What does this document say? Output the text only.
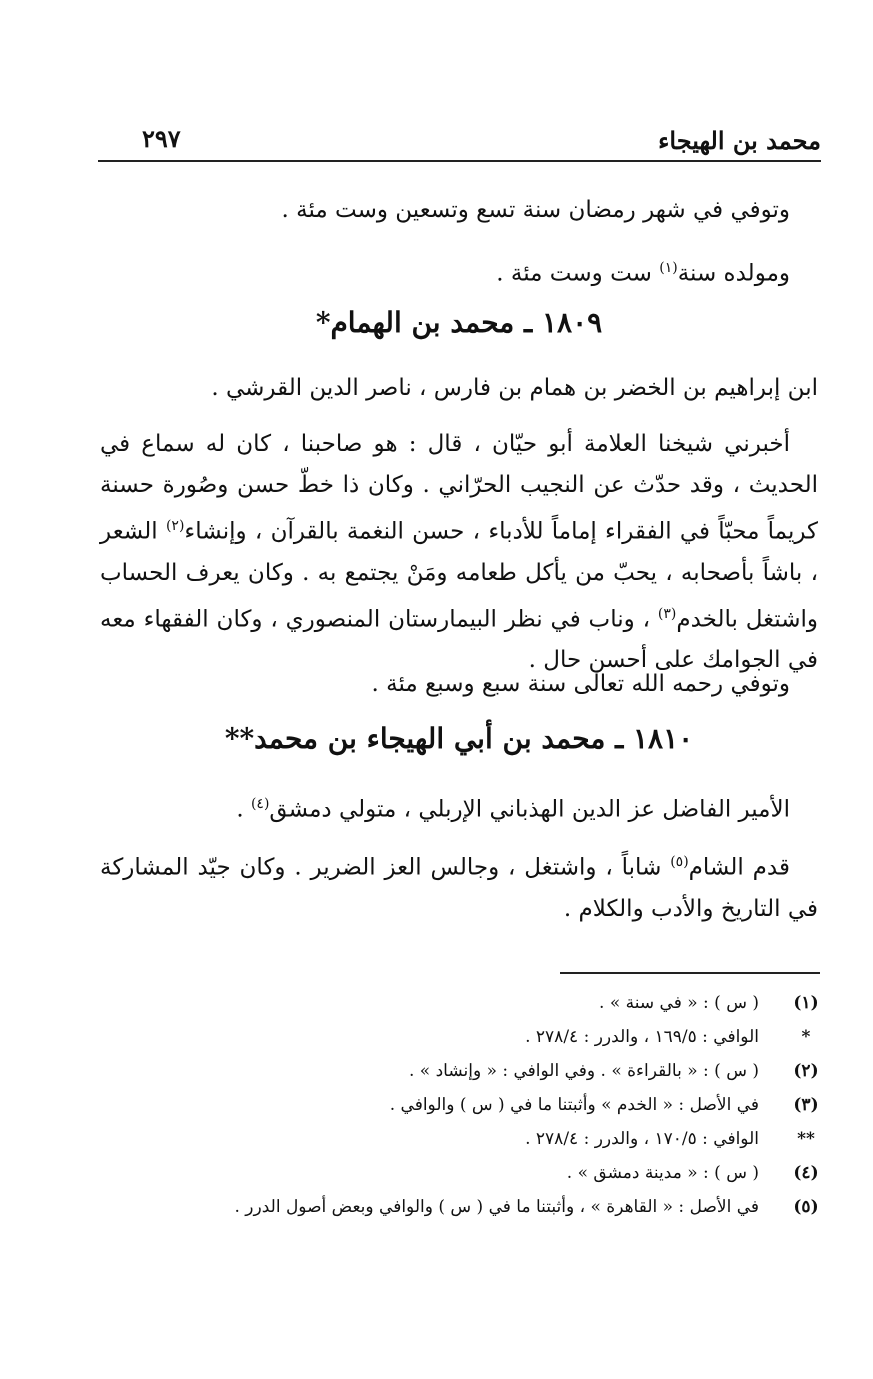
محمد بن الهيجاء
٢٩٧

وتوفي في شهر رمضان سنة تسع وتسعين وست مئة .

ومولده سنة$^{(١)}$ ست وست مئة .

١٨٠٩ ـ محمد بن الهمام*

ابن إبراهيم بن الخضر بن همام بن فارس ، ناصر الدين القرشي .

أخبرني شيخنا العلامة أبو حيّان ، قال : هو صاحبنا ، كان له سماع في الحديث ، وقد حدّث عن النجيب الحرّاني . وكان ذا خطّ حسن وصُورة حسنة كريماً محبّاً في الفقراء إماماً للأدباء ، حسن النغمة بالقرآن ، وإنشاء$^{(٢)}$ الشعر ، باشاً بأصحابه ، يحبّ من يأكل طعامه ومَنْ يجتمع به . وكان يعرف الحساب واشتغل بالخدم$^{(٣)}$ ، وناب في نظر البيمارستان المنصوري ، وكان الفقهاء معه في الجوامك على أحسن حال .

وتوفي رحمه الله تعالى سنة سبع وسبع مئة .

١٨١٠ ـ محمد بن أبي الهيجاء بن محمد**

الأمير الفاضل عز الدين الهذباني الإربلي ، متولي دمشق$^{(٤)}$ .

قدم الشام$^{(٥)}$ شاباً ، واشتغل ، وجالس العز الضرير . وكان جيّد المشاركة في التاريخ والأدب والكلام .

(١)
( س ) : « في سنة » .
*
الوافي : ١٦٩/٥ ، والدرر : ٢٧٨/٤ .
(٢)
( س ) : « بالقراءة » . وفي الوافي : « وإنشاد » .
(٣)
في الأصل : « الخدم » وأثبتنا ما في ( س ) والوافي .
**
الوافي : ١٧٠/٥ ، والدرر : ٢٧٨/٤ .
(٤)
( س ) : « مدينة دمشق » .
(٥)
في الأصل : « القاهرة » ، وأثبتنا ما في ( س ) والوافي وبعض أصول الدرر .
